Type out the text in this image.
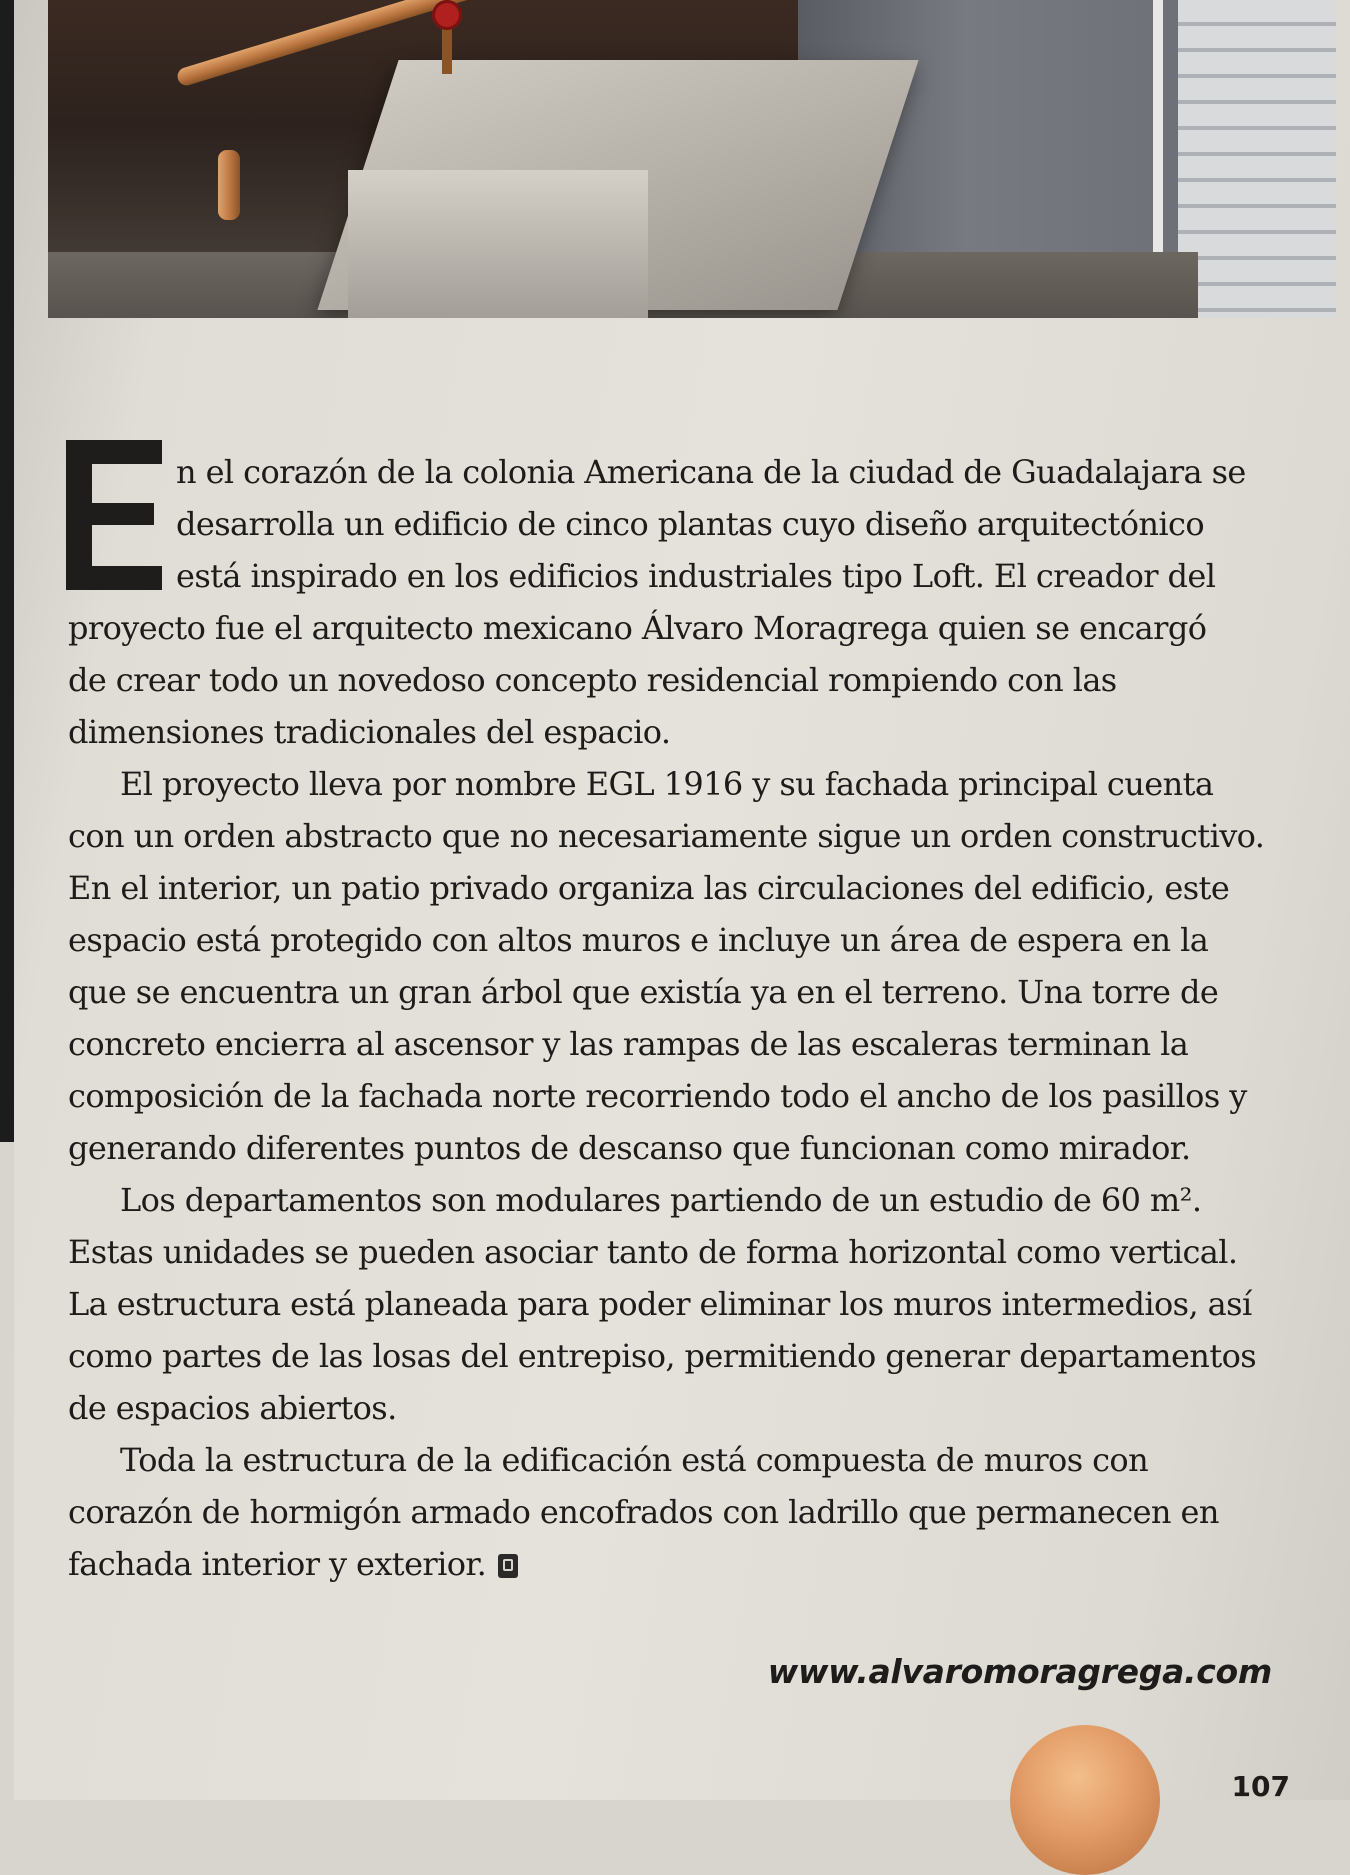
n el corazón de la colonia Americana de la ciudad de Guadalajara se
desarrolla un edificio de cinco plantas cuyo diseño arquitectónico
está inspirado en los edificios industriales tipo Loft. El creador del
proyecto fue el arquitecto mexicano Álvaro Moragrega quien se encargó
de crear todo un novedoso concepto residencial rompiendo con las
dimensiones tradicionales del espacio.

El proyecto lleva por nombre EGL 1916 y su fachada principal cuenta
con un orden abstracto que no necesariamente sigue un orden constructivo.
En el interior, un patio privado organiza las circulaciones del edificio, este
espacio está protegido con altos muros e incluye un área de espera en la
que se encuentra un gran árbol que existía ya en el terreno. Una torre de
concreto encierra al ascensor y las rampas de las escaleras terminan la
composición de la fachada norte recorriendo todo el ancho de los pasillos y
generando diferentes puntos de descanso que funcionan como mirador.

Los departamentos son modulares partiendo de un estudio de 60 m².
Estas unidades se pueden asociar tanto de forma horizontal como vertical.
La estructura está planeada para poder eliminar los muros intermedios, así
como partes de las losas del entrepiso, permitiendo generar departamentos
de espacios abiertos.

Toda la estructura de la edificación está compuesta de muros con
corazón de hormigón armado encofrados con ladrillo que permanecen en
fachada interior y exterior.

www.alvaromoragrega.com
107
